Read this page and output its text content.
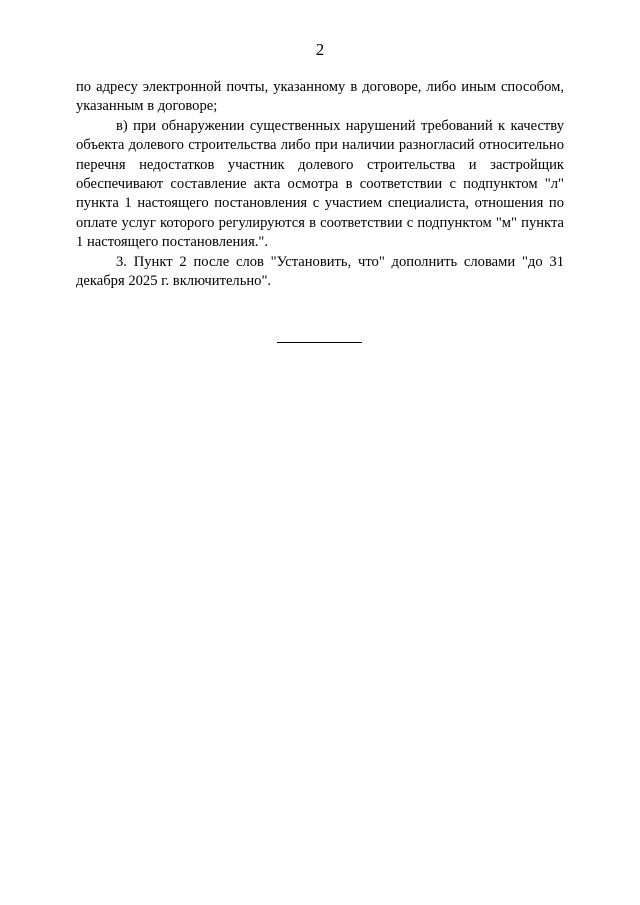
2

по адресу электронной почты, указанному в договоре, либо иным способом, указанным в договоре;

в) при обнаружении существенных нарушений требований к качеству объекта долевого строительства либо при наличии разногласий относительно перечня недостатков участник долевого строительства и застройщик обеспечивают составление акта осмотра в соответствии с подпунктом "л" пункта 1 настоящего постановления с участием специалиста, отношения по оплате услуг которого регулируются в соответствии с подпунктом "м" пункта 1 настоящего постановления.".

3. Пункт 2 после слов "Установить, что" дополнить словами "до 31 декабря 2025 г. включительно".
